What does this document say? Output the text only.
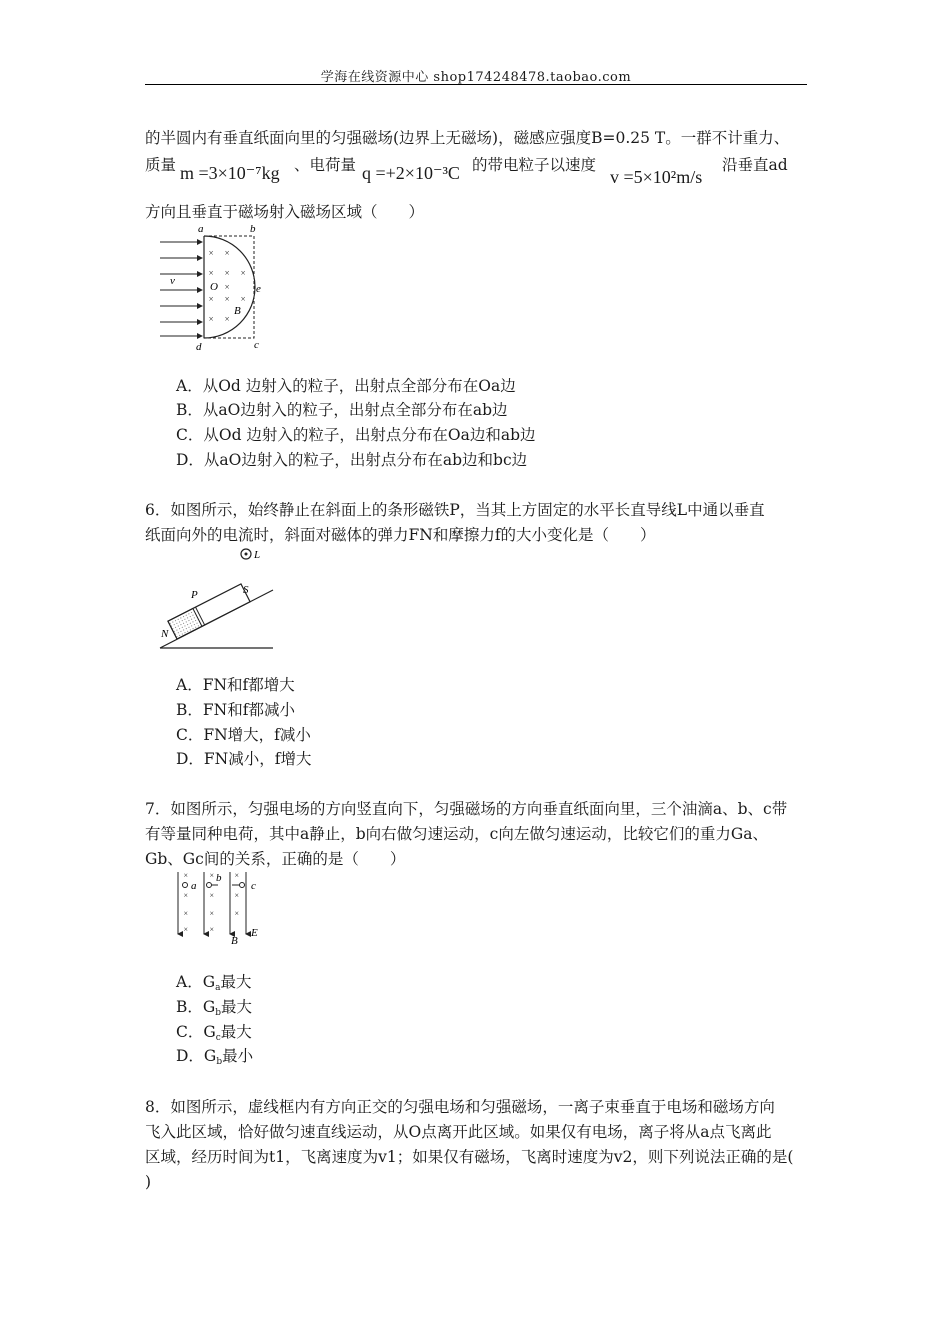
学海在线资源中心 shop174248478.taobao.com
的半圆内有垂直纸面向里的匀强磁场(边界上无磁场)，磁感应强度B=0.25 T。一群不计重力、
质量 m =3×10⁻⁷kg 、电荷量 q =+2×10⁻³C 的带电粒子以速度
v =5×10²m/s
沿垂直ad
方向且垂直于磁场射入磁场区域（　　）
× ×
× × ×
×
× × ×
× ×
a	b
e
O
B
v
d	c
A．从Od 边射入的粒子，出射点全部分布在Oa边
B．从aO边射入的粒子，出射点全部分布在ab边
C．从Od 边射入的粒子，出射点分布在Oa边和ab边
D．从aO边射入的粒子，出射点分布在ab边和bc边
6．如图所示，始终静止在斜面上的条形磁铁P，当其上方固定的水平长直导线L中通以垂直
纸面向外的电流时，斜面对磁体的弹力FN和摩擦力f的大小变化是（　　）
L
P	S
N
A．FN和f都增大
B．FN和f都减小
C．FN增大，f减小
D．FN减小，f增大
7．如图所示，匀强电场的方向竖直向下，匀强磁场的方向垂直纸面向里，三个油滴a、b、c带
有等量同种电荷，其中a静止，b向右做匀速运动，c向左做匀速运动，比较它们的重力Ga、
Gb、Gc间的关系，正确的是（　　）
×	× ×
×	× ×
×	× ×
×	×
a
b
c
B
E
A．$G_a$最大
B．$G_b$最大
C．$G_c$最大
D．$G_b$最小
8．如图所示，虚线框内有方向正交的匀强电场和匀强磁场，一离子束垂直于电场和磁场方向
飞入此区域，恰好做匀速直线运动，从O点离开此区域。如果仅有电场，离子将从a点飞离此
区域，经历时间为t1，飞离速度为v1；如果仅有磁场，飞离时速度为v2，则下列说法正确的是(
)
